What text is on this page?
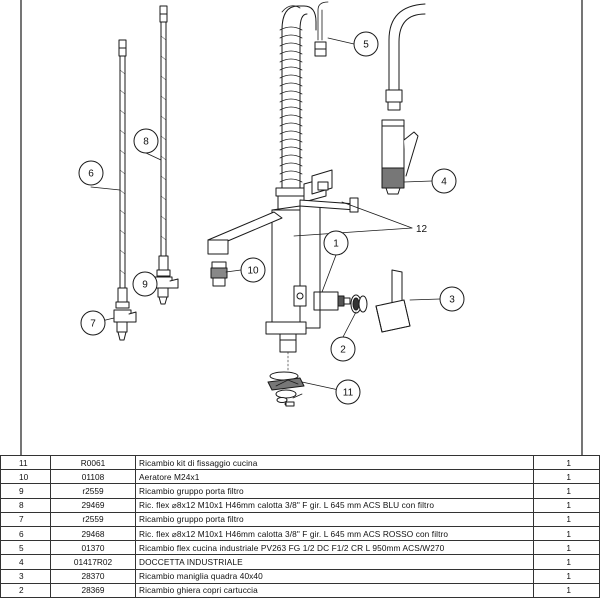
1
2
3
4
5
6
7
8
9
10
11
12
11	R0061	Ricambio kit di fissaggio cucina	1
10	01108	Aeratore M24x1	1
9	r2559	Ricambio gruppo porta filtro	1
8	29469	Ric. flex ⌀8x12 M10x1 H46mm calotta 3/8" F gir. L 645 mm ACS BLU con filtro	1
7	r2559	Ricambio gruppo porta filtro	1
6	29468	Ric. flex ⌀8x12 M10x1 H46mm calotta 3/8" F gir. L 645 mm ACS ROSSO con filtro	1
5	01370	Ricambio flex cucina industriale PV263 FG 1/2 DC F1/2 CR L 950mm ACS/W270	1
4	01417R02	DOCCETTA INDUSTRIALE	1
3	28370	Ricambio maniglia quadra 40x40	1
2	28369	Ricambio ghiera copri cartuccia	1
